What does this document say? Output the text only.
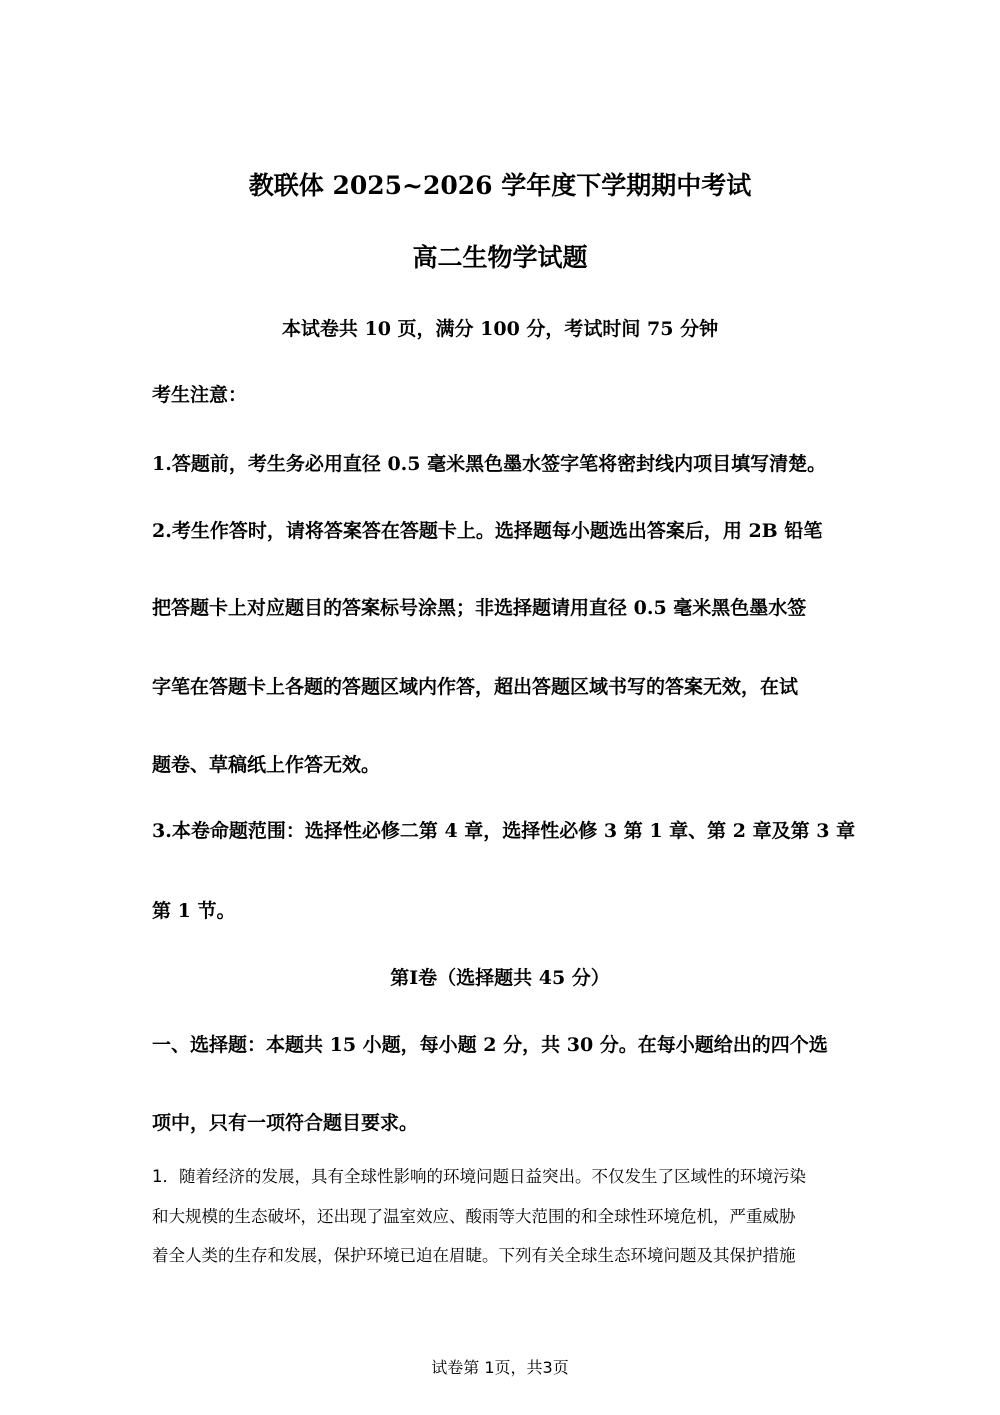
教联体 2025~2026 学年度下学期期中考试
高二生物学试题

本试卷共 10 页，满分 100 分，考试时间 75 分钟

考生注意：

1.答题前，考生务必用直径 0.5 毫米黑色墨水签字笔将密封线内项目填写清楚。

2.考生作答时，请将答案答在答题卡上。选择题每小题选出答案后，用 2B 铅笔

把答题卡上对应题目的答案标号涂黑；非选择题请用直径 0.5 毫米黑色墨水签

字笔在答题卡上各题的答题区域内作答，超出答题区域书写的答案无效，在试

题卷、草稿纸上作答无效。

3.本卷命题范围：选择性必修二第 4 章，选择性必修 3 第 1 章、第 2 章及第 3 章

第 1 节。

第Ⅰ卷（选择题共 45 分）

一、选择题：本题共 15 小题，每小题 2 分，共 30 分。在每小题给出的四个选

项中，只有一项符合题目要求。

1．随着经济的发展，具有全球性影响的环境问题日益突出。不仅发生了区域性的环境污染

和大规模的生态破坏，还出现了温室效应、酸雨等大范围的和全球性环境危机，严重威胁

着全人类的生存和发展，保护环境已迫在眉睫。下列有关全球生态环境问题及其保护措施

试卷第 1页，共3页
